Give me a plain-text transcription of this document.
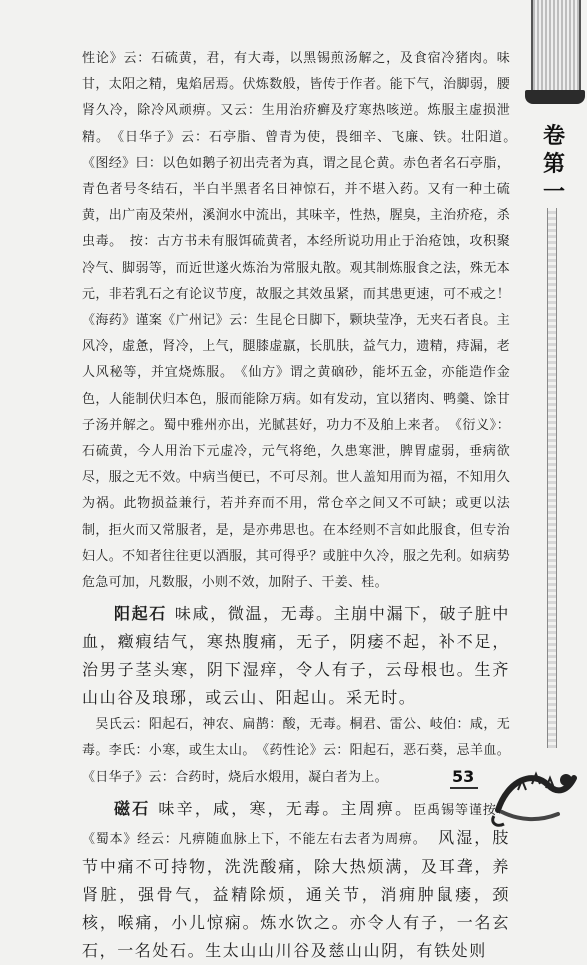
性论》云：石硫黄，君，有大毒，以黑锡煎汤解之，及食宿冷猪肉。味甘，太阳之精，鬼焰居焉。伏炼数般，皆传于作者。能下气，治脚弱，腰肾久冷，除冷风顽痹。又云：生用治疥癣及疗寒热咳逆。炼服主虚损泄精。　《日华子》云：石亭脂、曾青为使，畏细辛、飞廉、铁。壮阳道。　《图经》曰：以色如鹅子初出壳者为真，谓之昆仑黄。赤色者名石亭脂，青色者号冬结石，半白半黑者名日神惊石，并不堪入药。又有一种土硫黄，出广南及荣州，溪涧水中流出，其味辛，性热，腥臭，主治疥疮，杀虫毒。　按：古方书未有服饵硫黄者，本经所说功用止于治疮蚀，攻积聚冷气、脚弱等，而近世遂火炼治为常服丸散。观其制炼服食之法，殊无本元，非若乳石之有论议节度，故服之其效虽紧，而其患更速，可不戒之！　《海药》谨案《广州记》云：生昆仑日脚下，颗块莹净，无夹石者良。主风冷，虚惫，肾冷，上气，腿膝虚羸，长肌肤，益气力，遗精，痔漏，老人风秘等，并宜烧炼服。　《仙方》谓之黄硇砂，能坏五金，亦能造作金色，人能制伏归本色，服而能除万病。如有发动，宜以猪肉、鸭羹、馀甘子汤并解之。蜀中雅州亦出，光腻甚好，功力不及舶上来者。　《衍义》：石硫黄，今人用治下元虚冷，元气将绝，久患寒泄，脾胃虚弱，垂病欲尽，服之无不效。中病当便已，不可尽剂。世人盖知用而为福，不知用久为祸。此物损益兼行，若并弃而不用，常仓卒之间又不可缺；或更以法制，拒火而又常服者，是，是亦弗思也。在本经则不言如此服食，但专治妇人。不知者往往更以酒服，其可得乎？或脏中久冷，服之先利。如病势危急可加，凡数服，小则不效，加附子、干姜、桂。

阳起石 味咸，微温，无毒。主崩中漏下，破子脏中血，癥瘕结气，寒热腹痛，无子，阴痿不起，补不足，治男子茎头寒，阴下湿痒，令人有子，云母根也。生齐山山谷及琅琊，或云山、阳起山。采无时。

　吴氏云：阳起石，神农、扁鹊：酸，无毒。桐君、雷公、岐伯：咸，无毒。李氏：小寒，或生太山。　《药性论》云：阳起石，恶石葵，忌羊血。《日华子》云：合药时，烧后水煅用，凝白者为上。

磁石 味辛，咸，寒，无毒。主周痹。臣禹锡等谨按：《蜀本》经云：凡痹随血脉上下，不能左右去者为周痹。　风湿，肢节中痛不可持物，洗洗酸痛，除大热烦满，及耳聋，养肾脏，强骨气，益精除烦，通关节，消痈肿鼠瘘，颈核，喉痛，小儿惊痫。炼水饮之。亦令人有子，一名玄石，一名处石。生太山山川谷及慈山山阴，有铁处则

卷第一
53
